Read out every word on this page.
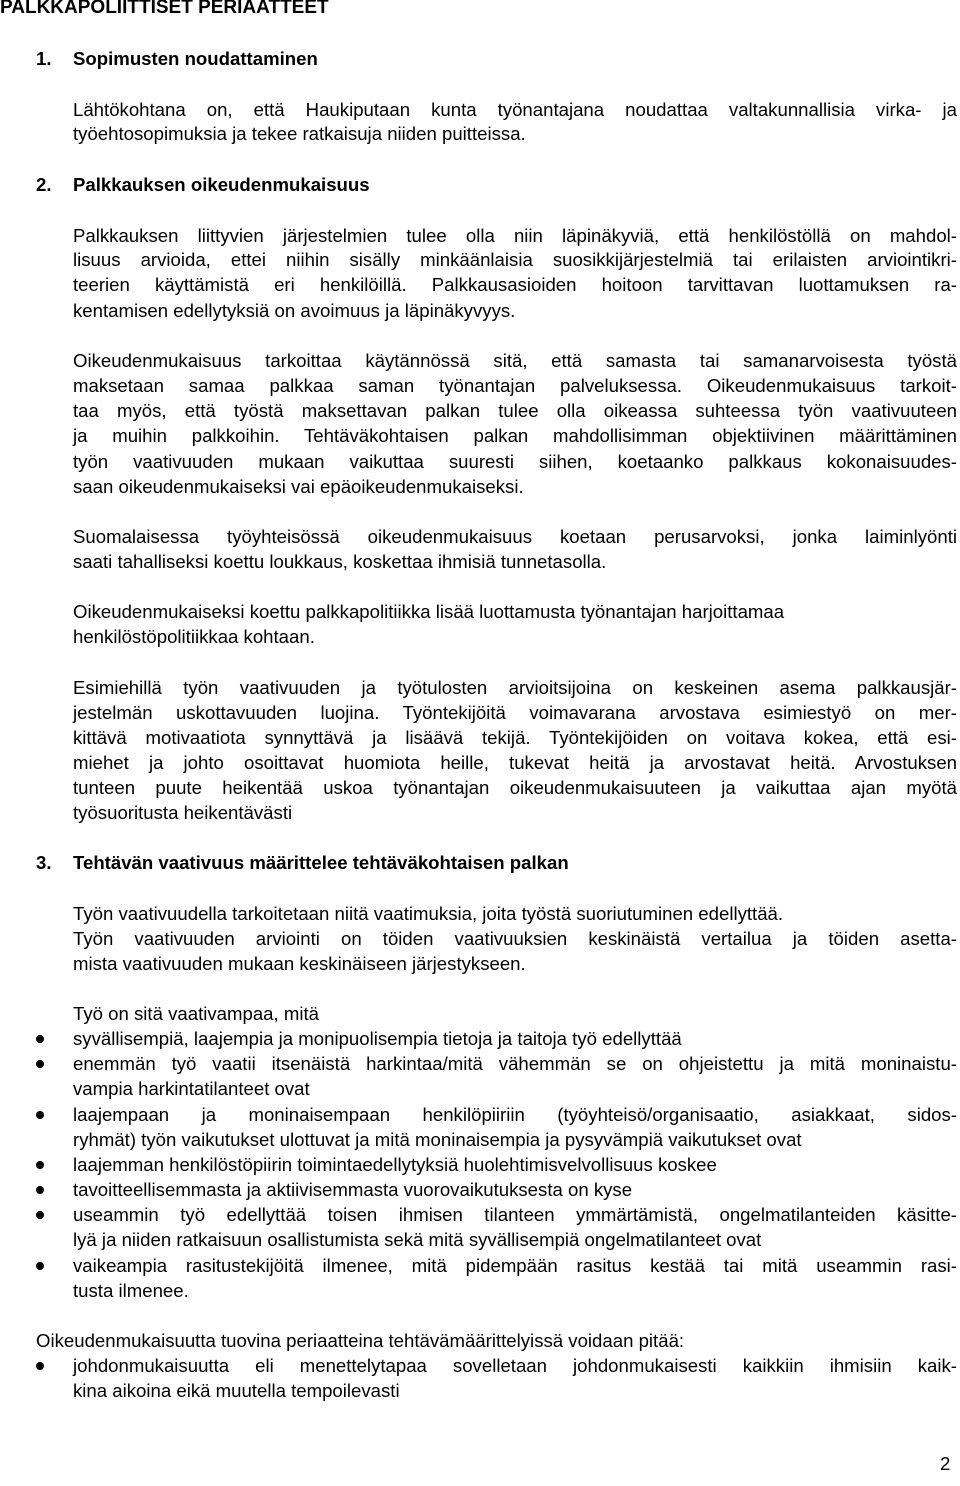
PALKKAPOLIITTISET PERIAATTEET
1. Sopimusten noudattaminen
Lähtökohtana on, että Haukiputaan kunta työnantajana noudattaa valtakunnallisia virka- ja
työehtosopimuksia ja tekee ratkaisuja niiden puitteissa.
2. Palkkauksen oikeudenmukaisuus
Palkkauksen liittyvien järjestelmien tulee olla niin läpinäkyviä, että henkilöstöllä on mahdol-
lisuus arvioida, ettei niihin sisälly minkäänlaisia suosikkijärjestelmiä tai erilaisten arviointikri-
teerien käyttämistä eri henkilöillä. Palkkausasioiden hoitoon tarvittavan luottamuksen ra-
kentamisen edellytyksiä on avoimuus ja läpinäkyvyys.
Oikeudenmukaisuus tarkoittaa käytännössä sitä, että samasta tai samanarvoisesta työstä
maksetaan samaa palkkaa saman työnantajan palveluksessa. Oikeudenmukaisuus tarkoit-
taa myös, että työstä maksettavan palkan tulee olla oikeassa suhteessa työn vaativuuteen
ja muihin palkkoihin. Tehtäväkohtaisen palkan mahdollisimman objektiivinen määrittäminen
työn vaativuuden mukaan vaikuttaa suuresti siihen, koetaanko palkkaus kokonaisuudes-
saan oikeudenmukaiseksi vai epäoikeudenmukaiseksi.
Suomalaisessa työyhteisössä oikeudenmukaisuus koetaan perusarvoksi, jonka laiminlyönti
saati tahalliseksi koettu loukkaus, koskettaa ihmisiä tunnetasolla.
Oikeudenmukaiseksi koettu palkkapolitiikka lisää luottamusta työnantajan harjoittamaa
henkilöstöpolitiikkaa kohtaan.
Esimiehillä työn vaativuuden ja työtulosten arvioitsijoina on keskeinen asema palkkausjär-
jestelmän uskottavuuden luojina. Työntekijöitä voimavarana arvostava esimiestyö on mer-
kittävä motivaatiota synnyttävä ja lisäävä tekijä. Työntekijöiden on voitava kokea, että esi-
miehet ja johto osoittavat huomiota heille, tukevat heitä ja arvostavat heitä. Arvostuksen
tunteen puute heikentää uskoa työnantajan oikeudenmukaisuuteen ja vaikuttaa ajan myötä
työsuoritusta heikentävästi
3. Tehtävän vaativuus määrittelee tehtäväkohtaisen palkan
Työn vaativuudella tarkoitetaan niitä vaatimuksia, joita työstä suoriutuminen edellyttää.
Työn vaativuuden arviointi on töiden vaativuuksien keskinäistä vertailua ja töiden asetta-
mista vaativuuden mukaan keskinäiseen järjestykseen.
Työ on sitä vaativampaa, mitä
syvällisempiä, laajempia ja monipuolisempia tietoja ja taitoja työ edellyttää
enemmän työ vaatii itsenäistä harkintaa/mitä vähemmän se on ohjeistettu ja mitä moninaistu-
vampia harkintatilanteet ovat
laajempaan ja moninaisempaan henkilöpiiriin (työyhteisö/organisaatio, asiakkaat, sidos-
ryhmät) työn vaikutukset ulottuvat ja mitä moninaisempia ja pysyvämpiä vaikutukset ovat
laajemman henkilöstöpiirin toimintaedellytyksiä huolehtimisvelvollisuus koskee
tavoitteellisemmasta ja aktiivisemmasta vuorovaikutuksesta on kyse
useammin työ edellyttää toisen ihmisen tilanteen ymmärtämistä, ongelmatilanteiden käsitte-
lyä ja niiden ratkaisuun osallistumista sekä mitä syvällisempiä ongelmatilanteet ovat
vaikeampia rasitustekijöitä ilmenee, mitä pidempään rasitus kestää tai mitä useammin rasi-
tusta ilmenee.
Oikeudenmukaisuutta tuovina periaatteina tehtävämäärittelyissä voidaan pitää:
johdonmukaisuutta eli menettelytapaa sovelletaan johdonmukaisesti kaikkiin ihmisiin kaik-
kina aikoina eikä muutella tempoilevasti
2
